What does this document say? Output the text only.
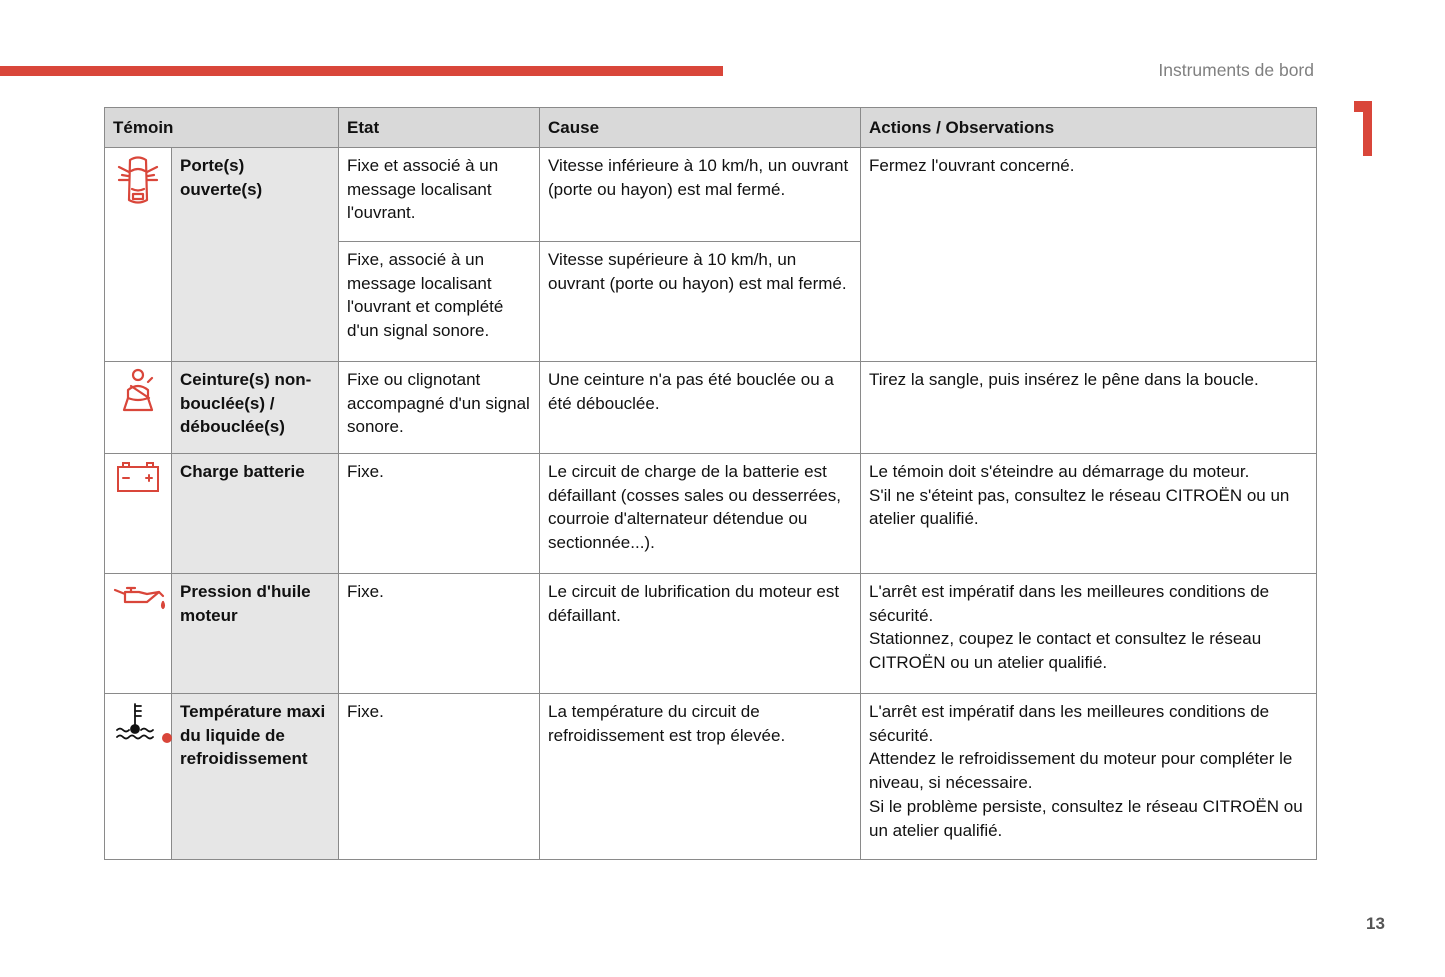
Instruments de bord
Témoin		Etat	Cause	Actions / Observations

	Porte(s) ouverte(s)	Fixe et associé à un message localisant l'ouvrant.	Vitesse inférieure à 10 km/h, un ouvrant (porte ou hayon) est mal fermé.	Fermez l'ouvrant concerné.
		Fixe, associé à un message localisant l'ouvrant et complété d'un signal sonore.	Vitesse supérieure à 10 km/h, un ouvrant (porte ou hayon) est mal fermé.	

	Ceinture(s) non-bouclée(s) / débouclée(s)	Fixe ou clignotant accompagné d'un signal sonore.	Une ceinture n'a pas été bouclée ou a été débouclée.	Tirez la sangle, puis insérez le pêne dans la boucle.

	Charge batterie	Fixe.	Le circuit de charge de la batterie est défaillant (cosses sales ou desserrées, courroie d'alternateur détendue ou sectionnée...).	Le témoin doit s'éteindre au démarrage du moteur.
S'il ne s'éteint pas, consultez le réseau CITROËN ou un atelier qualifié.

	Pression d'huile moteur	Fixe.	Le circuit de lubrification du moteur est défaillant.	L'arrêt est impératif dans les meilleures conditions de sécurité.
Stationnez, coupez le contact et consultez le réseau CITROËN ou un atelier qualifié.

	Température maxi du liquide de refroidissement	Fixe.	La température du circuit de refroidissement est trop élevée.	L'arrêt est impératif dans les meilleures conditions de sécurité.
Attendez le refroidissement du moteur pour compléter le niveau, si nécessaire.
Si le problème persiste, consultez le réseau CITROËN ou un atelier qualifié.
13
